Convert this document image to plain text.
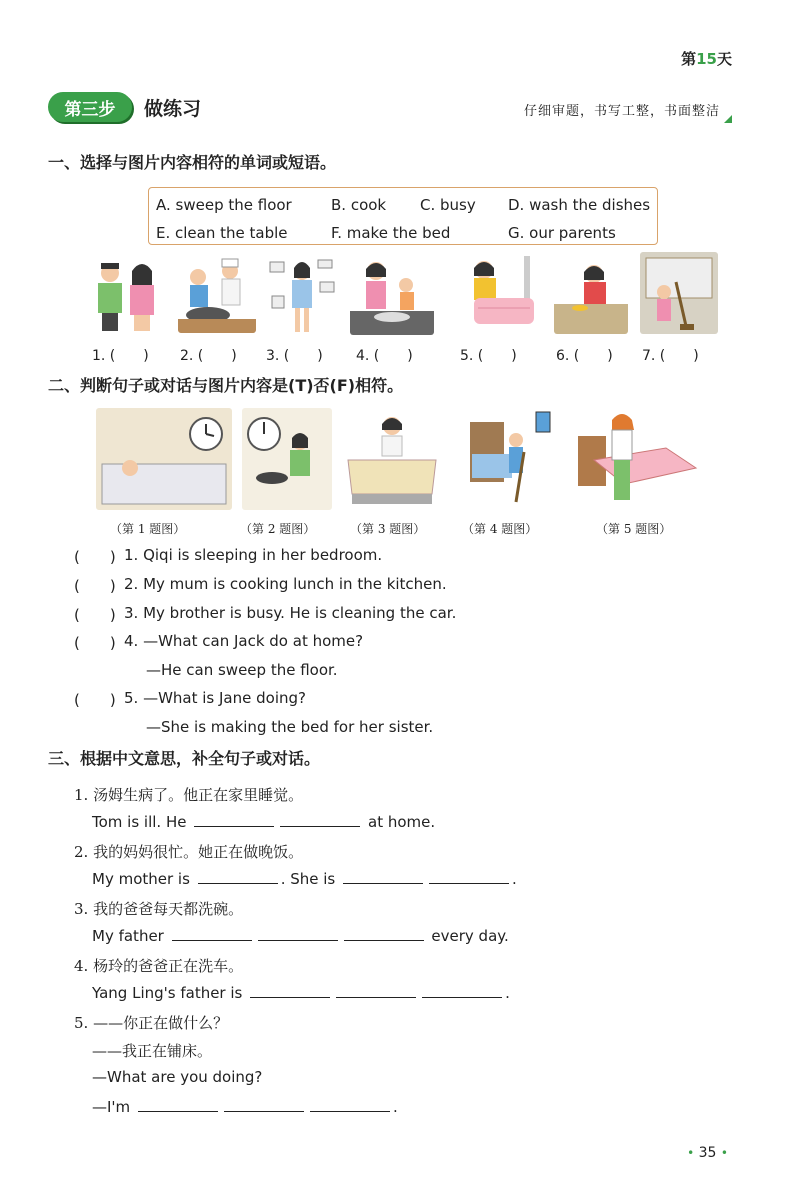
第15天
第三步	做练习	仔细审题，书写工整，书面整洁
一、选择与图片内容相符的单词或短语。
A. sweep the floor	B. cook C. busy D. wash the dishes
E. clean the table	F. make the bed	G. our parents
1. (　　) 2. (　　) 3. (　　) 4. (　　)	5. (　　)	6. (　　) 7. (　　)
二、判断句子或对话与图片内容是(T)否(F)相符。
（第 1 题图）	（第 2 题图）	（第 3 题图）	（第 4 题图）	（第 5 题图）
(　　) 1. Qiqi is sleeping in her bedroom.
(　　) 2. My mum is cooking lunch in the kitchen.
(　　) 3. My brother is busy. He is cleaning the car.
(　　) 4. —What can Jack do at home?
—He can sweep the floor.
(　　) 5. —What is Jane doing?
—She is making the bed for her sister.
三、根据中文意思，补全句子或对话。
1. 汤姆生病了。他正在家里睡觉。
Tom is ill. He	at home.
2. 我的妈妈很忙。她正在做晚饭。
My mother is	. She is	.
3. 我的爸爸每天都洗碗。
My father	every day.
4. 杨玲的爸爸正在洗车。
Yang Ling's father is	.
5. ——你正在做什么？
——我正在铺床。
—What are you doing?
—I'm	.
• 35 •
